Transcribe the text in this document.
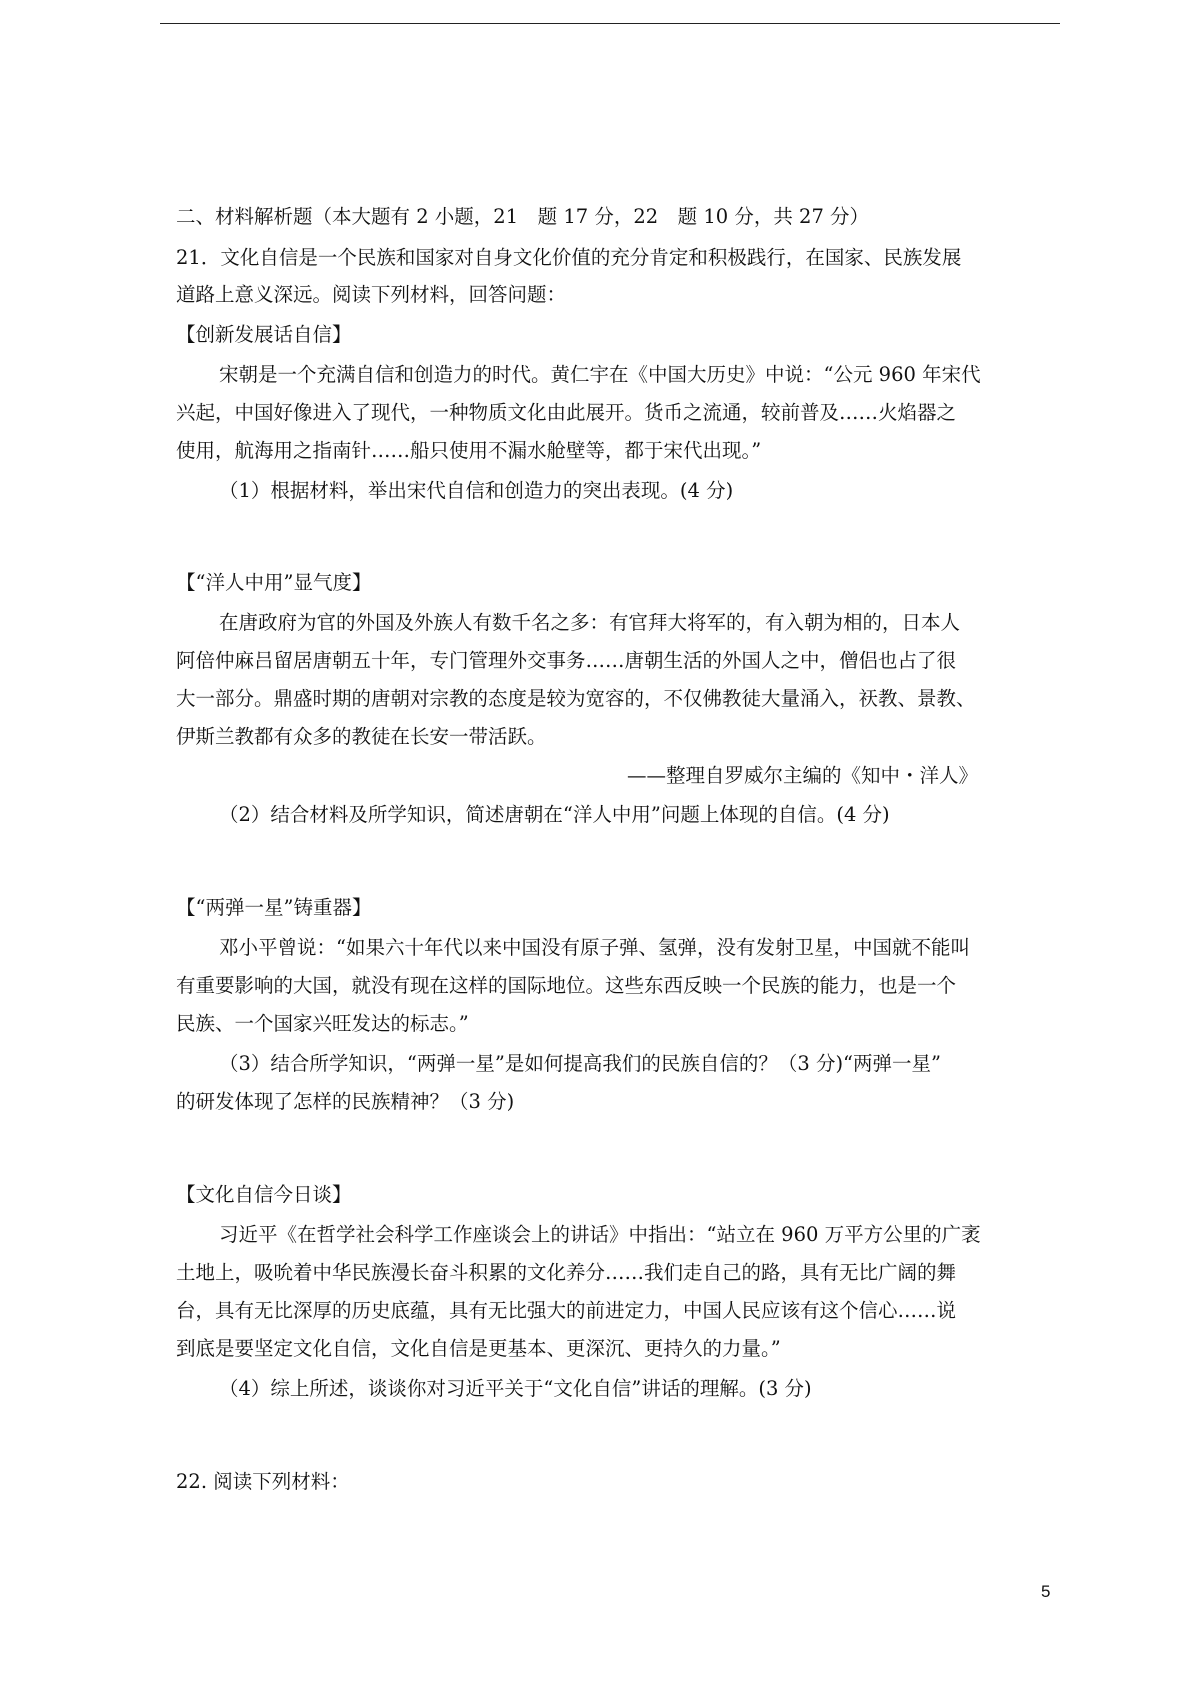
二、材料解析题（本大题有 2 小题，21　题 17 分，22　题 10 分，共 27 分）
21．文化自信是一个民族和国家对自身文化价值的充分肯定和积极践行，在国家、民族发展
道路上意义深远。阅读下列材料，回答问题：
【创新发展话自信】
宋朝是一个充满自信和创造力的时代。黄仁宇在《中国大历史》中说：“公元 960 年宋代
兴起，中国好像进入了现代，一种物质文化由此展开。货币之流通，较前普及……火焰器之
使用，航海用之指南针……船只使用不漏水舱壁等，都于宋代出现。”
（1）根据材料，举出宋代自信和创造力的突出表现。(4 分)
【“洋人中用”显气度】
在唐政府为官的外国及外族人有数千名之多：有官拜大将军的，有入朝为相的，日本人
阿倍仲麻吕留居唐朝五十年，专门管理外交事务……唐朝生活的外国人之中，僧侣也占了很
大一部分。鼎盛时期的唐朝对宗教的态度是较为宽容的，不仅佛教徒大量涌入，祆教、景教、
伊斯兰教都有众多的教徒在长安一带活跃。
——整理自罗威尔主编的《知中・洋人》
（2）结合材料及所学知识，简述唐朝在“洋人中用”问题上体现的自信。(4 分)
【“两弹一星”铸重器】
邓小平曾说：“如果六十年代以来中国没有原子弹、氢弹，没有发射卫星，中国就不能叫
有重要影响的大国，就没有现在这样的国际地位。这些东西反映一个民族的能力，也是一个
民族、一个国家兴旺发达的标志。”
（3）结合所学知识，“两弹一星”是如何提高我们的民族自信的？（3 分)“两弹一星”
的研发体现了怎样的民族精神？（3 分)
【文化自信今日谈】
习近平《在哲学社会科学工作座谈会上的讲话》中指出：“站立在 960 万平方公里的广袤
土地上，吸吮着中华民族漫长奋斗积累的文化养分……我们走自己的路，具有无比广阔的舞
台，具有无比深厚的历史底蕴，具有无比强大的前进定力，中国人民应该有这个信心……说
到底是要坚定文化自信，文化自信是更基本、更深沉、更持久的力量。”
（4）综上所述，谈谈你对习近平关于“文化自信”讲话的理解。(3 分)
22. 阅读下列材料：
5
